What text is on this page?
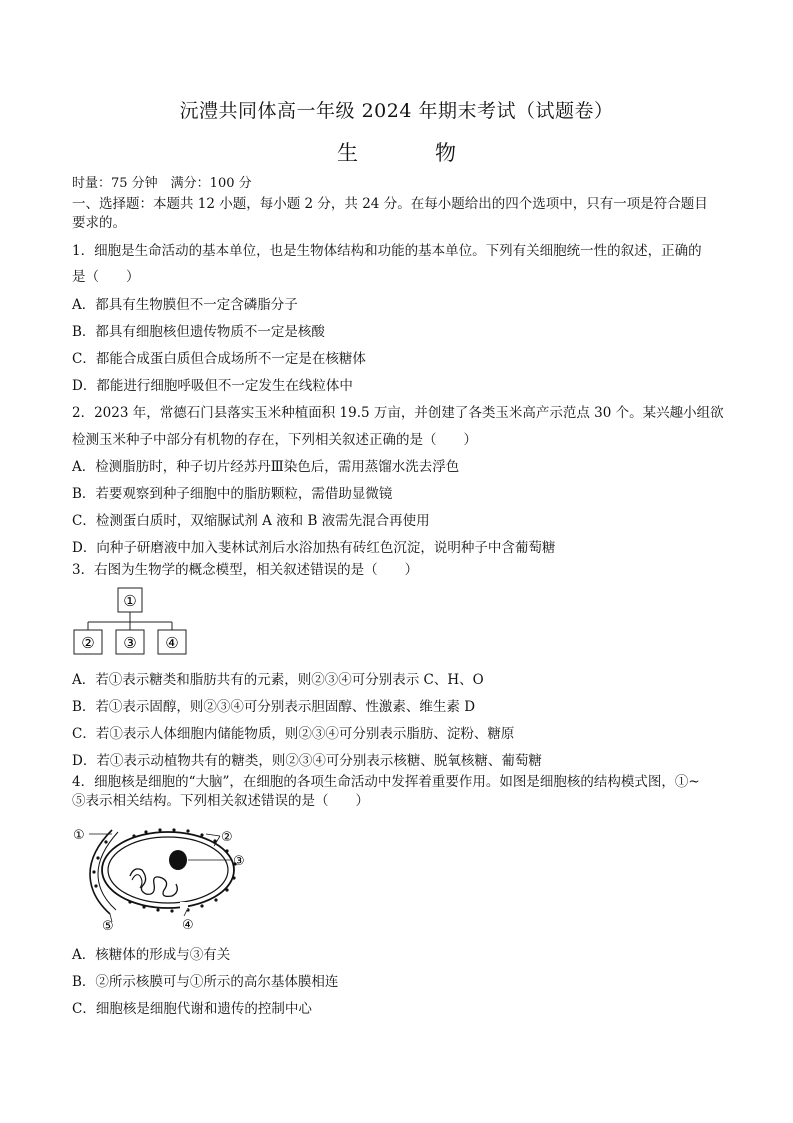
沅澧共同体高一年级 2024 年期末考试（试题卷）
生　物
时量：75 分钟　满分：100 分
一、选择题：本题共 12 小题，每小题 2 分，共 24 分。在每小题给出的四个选项中，只有一项是符合题目
要求的。
1．细胞是生命活动的基本单位，也是生物体结构和功能的基本单位。下列有关细胞统一性的叙述，正确的
是（　　）
A．都具有生物膜但不一定含磷脂分子
B．都具有细胞核但遗传物质不一定是核酸
C．都能合成蛋白质但合成场所不一定是在核糖体
D．都能进行细胞呼吸但不一定发生在线粒体中
2．2023 年，常德石门县落实玉米种植面积 19.5 万亩，并创建了各类玉米高产示范点 30 个。某兴趣小组欲
检测玉米种子中部分有机物的存在，下列相关叙述正确的是（　　）
A．检测脂肪时，种子切片经苏丹Ⅲ染色后，需用蒸馏水洗去浮色
B．若要观察到种子细胞中的脂肪颗粒，需借助显微镜
C．检测蛋白质时，双缩脲试剂 A 液和 B 液需先混合再使用
D．向种子研磨液中加入斐林试剂后水浴加热有砖红色沉淀，说明种子中含葡萄糖
3．右图为生物学的概念模型，相关叙述错误的是（　　）
①
② ③ ④
A．若①表示糖类和脂肪共有的元素，则②③④可分别表示 C、H、O
B．若①表示固醇，则②③④可分别表示胆固醇、性激素、维生素 D
C．若①表示人体细胞内储能物质，则②③④可分别表示脂肪、淀粉、糖原
D．若①表示动植物共有的糖类，则②③④可分别表示核糖、脱氧核糖、葡萄糖
4．细胞核是细胞的“大脑”，在细胞的各项生命活动中发挥着重要作用。如图是细胞核的结构模式图，①~
⑤表示相关结构。下列相关叙述错误的是（　　）
①	②
③
④
⑤
A．核糖体的形成与③有关
B．②所示核膜可与①所示的高尔基体膜相连
C．细胞核是细胞代谢和遗传的控制中心
